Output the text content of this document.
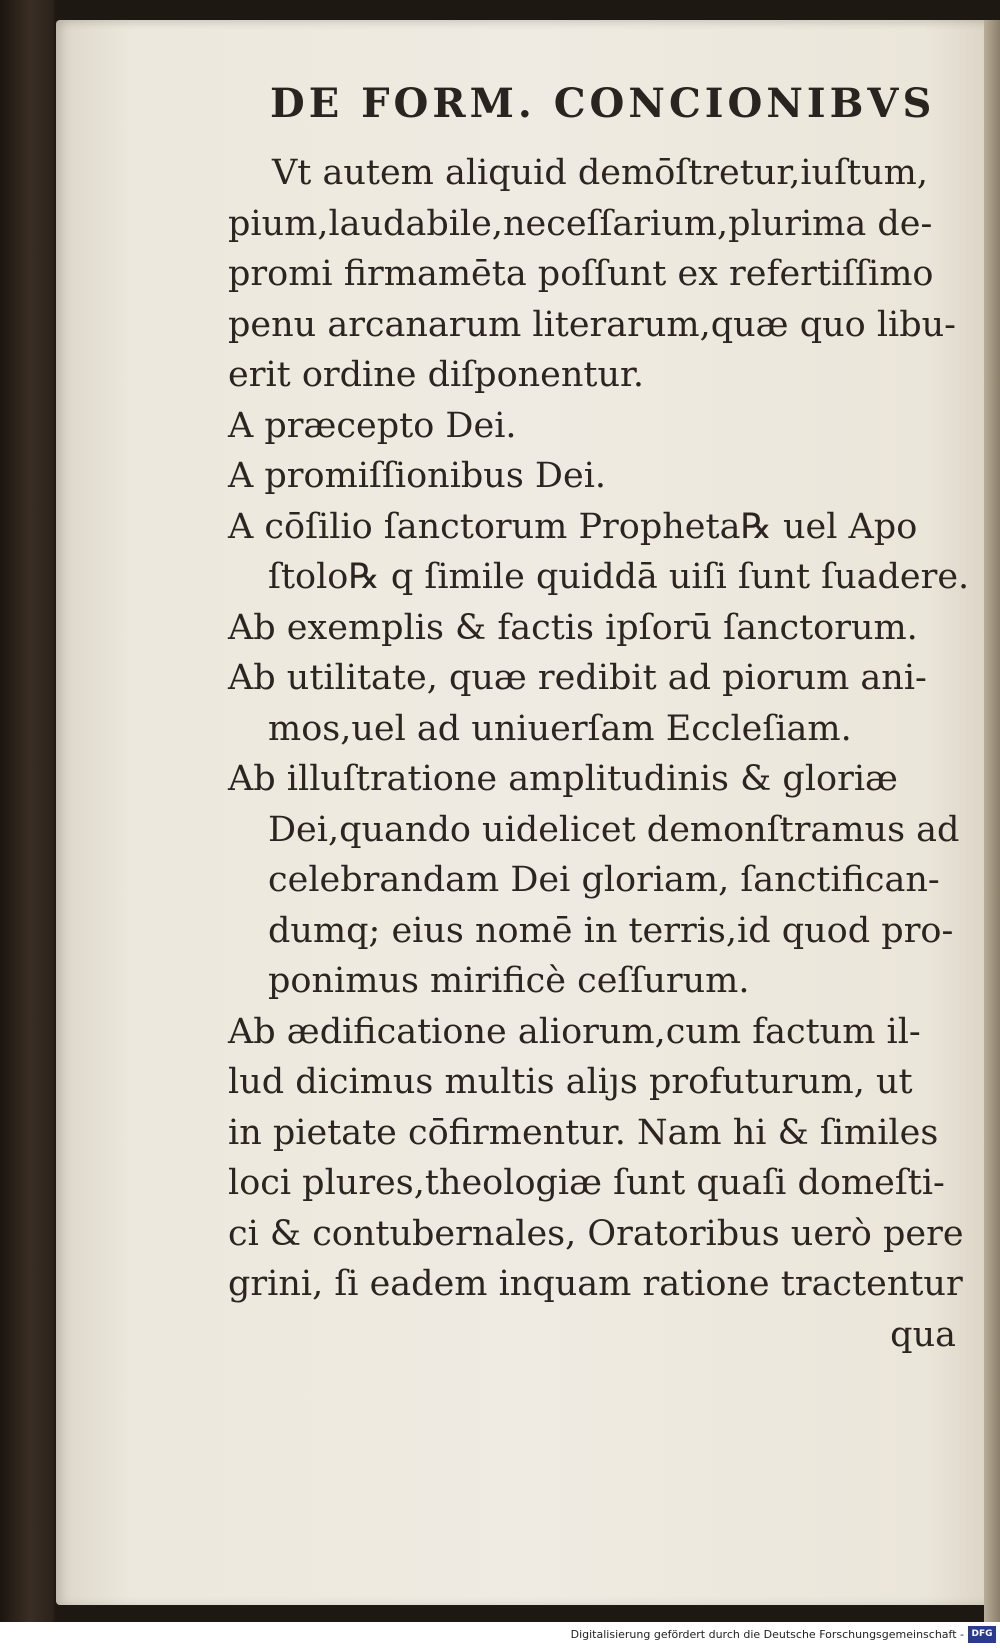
DE FORM. CONCIONIBVS

Vt autem aliquid demōſtretur,iuſtum,
pium,laudabile,neceſſarium,plurima de-
promi firmamēta poſſunt ex refertiſſimo
penu arcanarum literarum,quæ quo libu-
erit ordine diſponentur.
A præcepto Dei.
A promiſſionibus Dei.
A cōſilio ſanctorum Propheta℞ uel Apo
ſtolo℞ q ſimile quiddā uiſi ſunt ſuadere.
Ab exemplis & factis ipſorū ſanctorum.
Ab utilitate, quæ redibit ad piorum ani-
mos,uel ad uniuerſam Eccleſiam.
Ab illuſtratione amplitudinis & gloriæ
Dei,quando uidelicet demonſtramus ad
celebrandam Dei gloriam, ſanctifican-
dumq; eius nomē in terris,id quod pro-
ponimus mirificè ceſſurum.
Ab ædificatione aliorum,cum factum il-
lud dicimus multis aliȷs profuturum, ut
in pietate cōfirmentur. Nam hi & ſimiles
loci plures,theologiæ ſunt quaſi domeſti-
ci & contubernales, Oratoribus uerò pere
grini, ſi eadem inquam ratione tractentur
qua

Digitalisierung gefördert durch die Deutsche Forschungsgemeinschaft - DFG
